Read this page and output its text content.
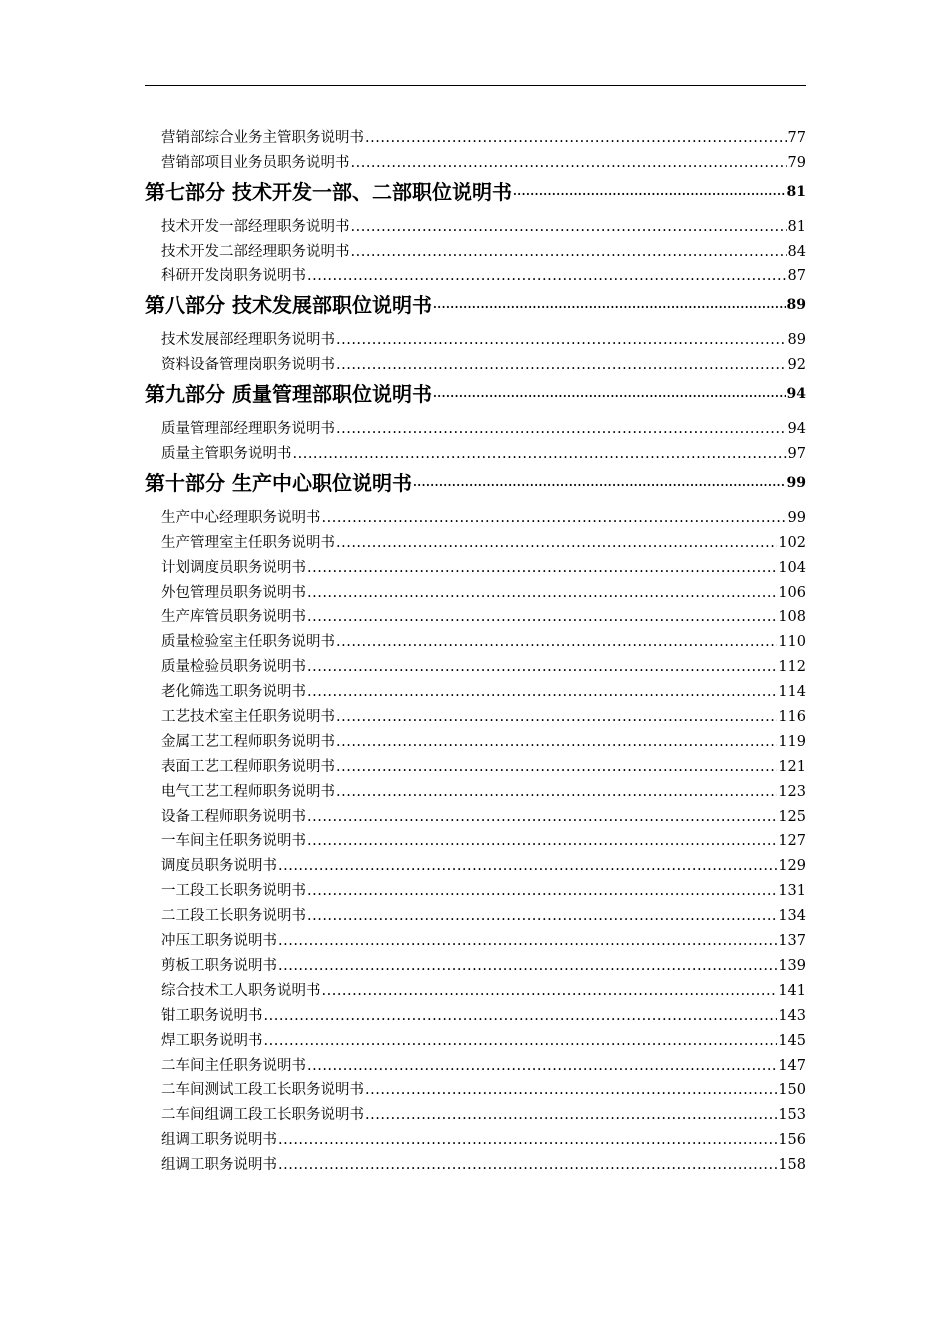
营销部综合业务主管职务说明书 .....	77
营销部项目业务员职务说明书 .....	79
第七部分 技术开发一部、二部职位说明书 .....	81
技术开发一部经理职务说明书 .....	81
技术开发二部经理职务说明书 .....	84
科研开发岗职务说明书 .....	87
第八部分 技术发展部职位说明书 .....	89
技术发展部经理职务说明书 .....	89
资料设备管理岗职务说明书 .....	92
第九部分 质量管理部职位说明书 .....	94
质量管理部经理职务说明书 .....	94
质量主管职务说明书 .....	97
第十部分 生产中心职位说明书 .....	99
生产中心经理职务说明书 .....	99
生产管理室主任职务说明书 .....	102
计划调度员职务说明书 .....	104
外包管理员职务说明书 .....	106
生产库管员职务说明书 .....	108
质量检验室主任职务说明书 .....	110
质量检验员职务说明书 .....	112
老化筛选工职务说明书 .....	114
工艺技术室主任职务说明书 .....	116
金属工艺工程师职务说明书 .....	119
表面工艺工程师职务说明书 .....	121
电气工艺工程师职务说明书 .....	123
设备工程师职务说明书 .....	125
一车间主任职务说明书 .....	127
调度员职务说明书 .....	129
一工段工长职务说明书 .....	131
二工段工长职务说明书 .....	134
冲压工职务说明书 .....	137
剪板工职务说明书 .....	139
综合技术工人职务说明书 .....	141
钳工职务说明书 .....	143
焊工职务说明书 .....	145
二车间主任职务说明书 .....	147
二车间测试工段工长职务说明书 .....	150
二车间组调工段工长职务说明书 .....	153
组调工职务说明书 .....	156
组调工职务说明书 .....	158
